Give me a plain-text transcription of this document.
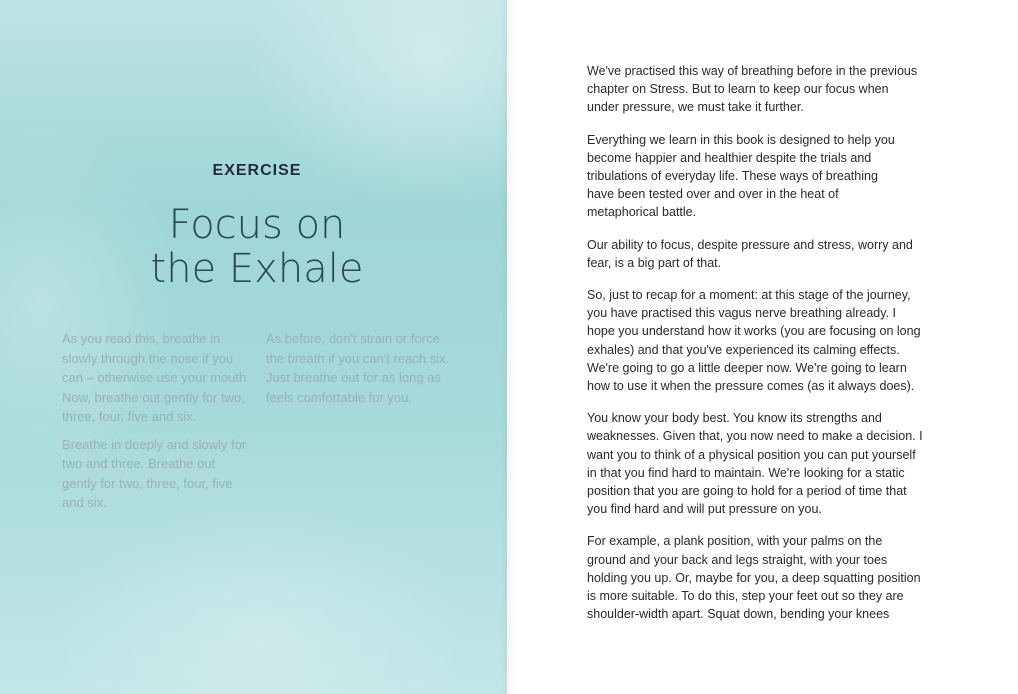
EXERCISE
Focus on
the Exhale

As you read this, breathe in slowly through the nose if you can – otherwise use your mouth. Now, breathe out gently for two, three, four, five and six.

Breathe in deeply and slowly for two and three. Breathe out gently for two, three, four, five and six.

As before, don't strain or force the breath if you can't reach six. Just breathe out for as long as feels comfortable for you.

We've practised this way of breathing before in the previous
chapter on Stress. But to learn to keep our focus when
under pressure, we must take it further.

Everything we learn in this book is designed to help you
become happier and healthier despite the trials and
tribulations of everyday life. These ways of breathing
have been tested over and over in the heat of
metaphorical battle.

Our ability to focus, despite pressure and stress, worry and
fear, is a big part of that.

So, just to recap for a moment: at this stage of the journey,
you have practised this vagus nerve breathing already. I
hope you understand how it works (you are focusing on long
exhales) and that you've experienced its calming effects.
We're going to go a little deeper now. We're going to learn
how to use it when the pressure comes (as it always does).

You know your body best. You know its strengths and
weaknesses. Given that, you now need to make a decision. I
want you to think of a physical position you can put yourself
in that you find hard to maintain. We're looking for a static
position that you are going to hold for a period of time that
you find hard and will put pressure on you.

For example, a plank position, with your palms on the
ground and your back and legs straight, with your toes
holding you up. Or, maybe for you, a deep squatting position
is more suitable. To do this, step your feet out so they are
shoulder-width apart. Squat down, bending your knees
